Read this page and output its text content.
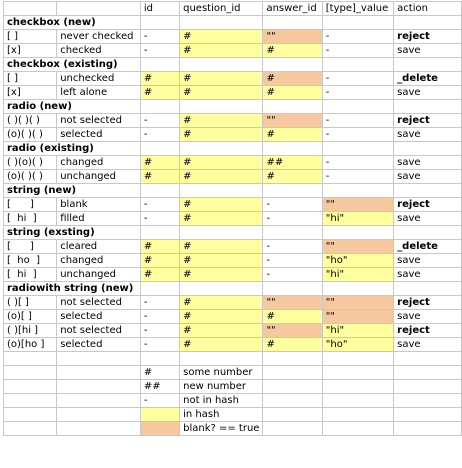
		id	question_id	answer_id	[type]_value	action
checkbox (new)						
[ ]	never checked	-	#	""	-	reject
[x]	checked	-	#	#	-	save
checkbox (existing)						
[ ]	unchecked	#	#	#	-	_delete
[x]	left alone	#	#	#	-	save
radio (new)						
( )( )( )	not selected	-	#	""	-	reject
(o)( )( )	selected	-	#	#	-	save
radio (existing)						
( )(o)( )	changed	#	#	##	-	save
(o)( )( )	unchanged	#	#	#	-	save
string (new)						
[      ]	blank	-	#	-	""	reject
[  hi  ]	filled	-	#	-	"hi"	save
string (exsting)						
[      ]	cleared	#	#	-	""	_delete
[  ho  ]	changed	#	#	-	"ho"	save
[  hi  ]	unchanged	#	#	-	"hi"	save
radiowith string (new)						
( )[ ]	not selected	-	#	""	""	reject
(o)[ ]	selected	-	#	#	""	save
( )[hi ]	not selected	-	#	""	"hi"	reject
(o)[ho ]	selected	-	#	#	"ho"	save

		#	some number			
		##	new number			
		-	not in hash			
			in hash			
			blank? == true			
